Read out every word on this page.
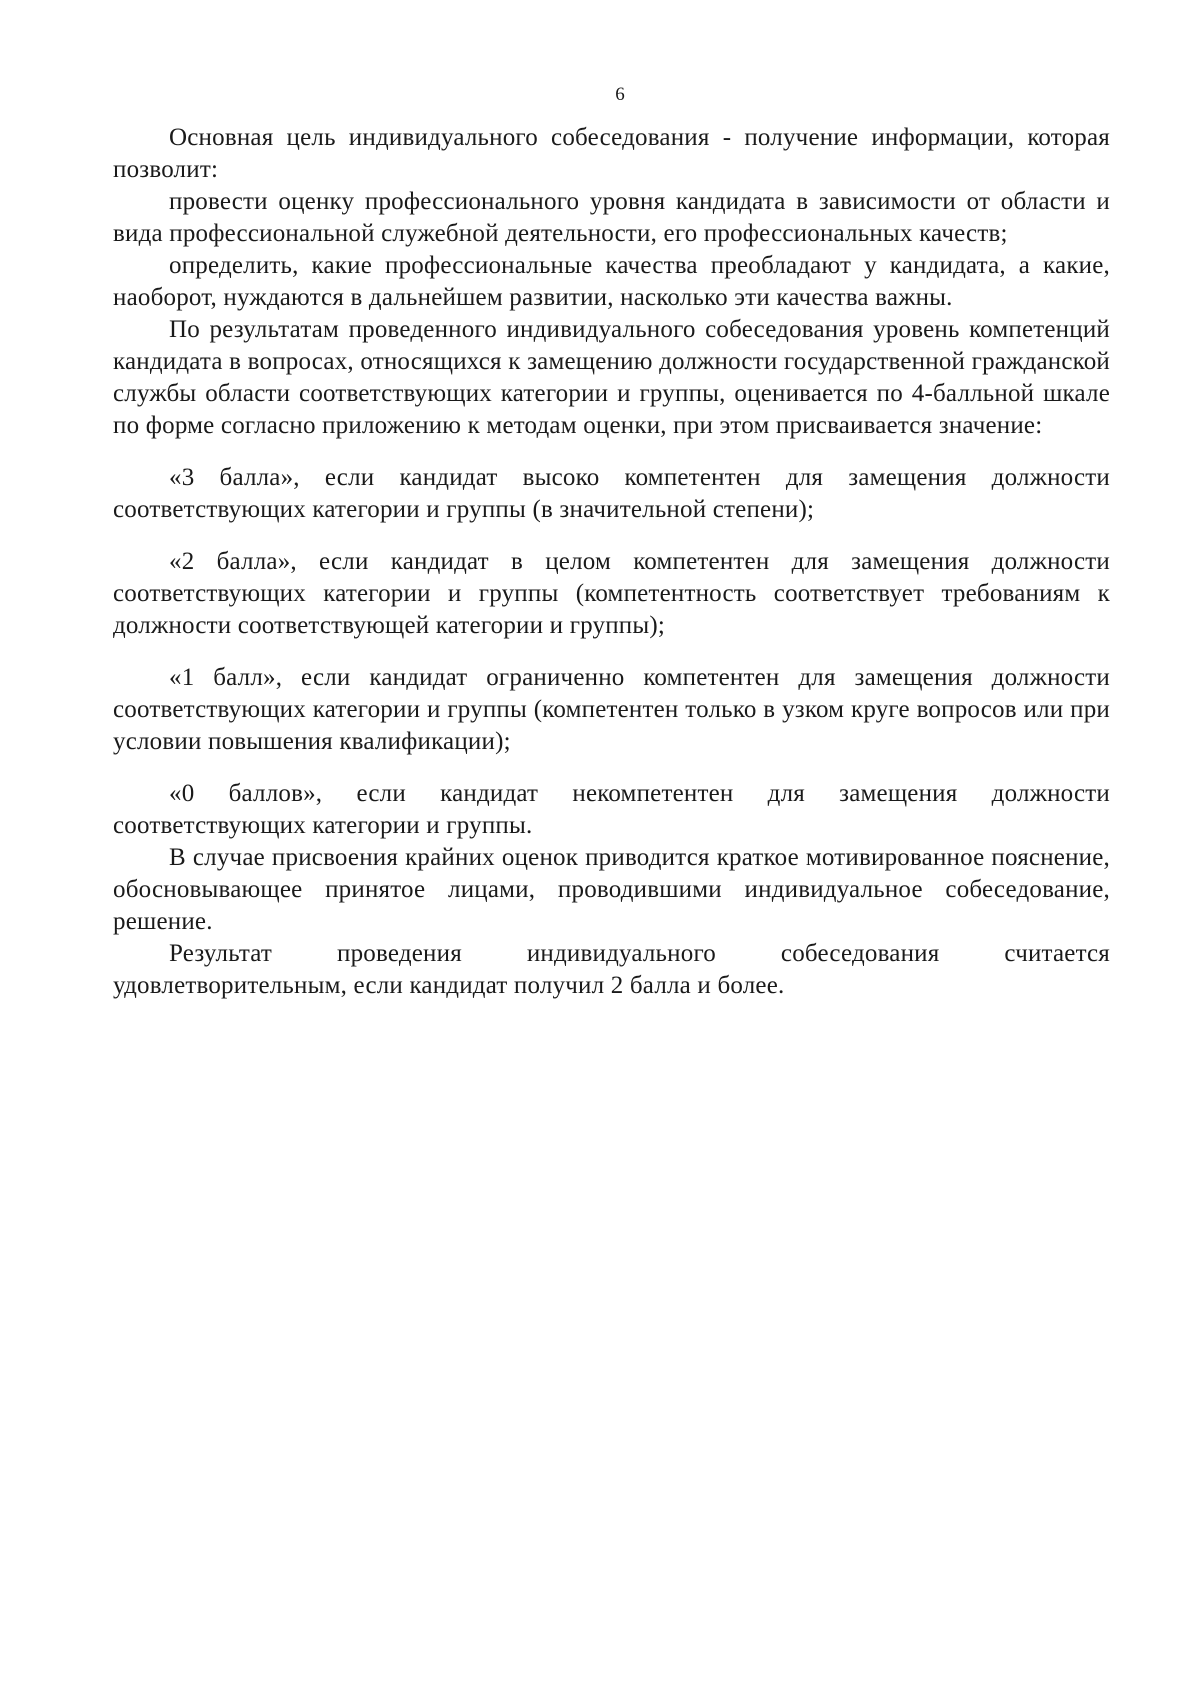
6

Основная цель индивидуального собеседования - получение информации, которая позволит:

провести оценку профессионального уровня кандидата в зависимости от области и вида профессиональной служебной деятельности, его профессиональных качеств;

определить, какие профессиональные качества преобладают у кандидата, а какие, наоборот, нуждаются в дальнейшем развитии, насколько эти качества важны.

По результатам проведенного индивидуального собеседования уровень компетенций кандидата в вопросах, относящихся к замещению должности государственной гражданской службы области соответствующих категории и группы, оценивается по 4-балльной шкале по форме согласно приложению к методам оценки, при этом присваивается значение:

«3 балла», если кандидат высоко компетентен для замещения должности соответствующих категории и группы (в значительной степени);

«2 балла», если кандидат в целом компетентен для замещения должности соответствующих категории и группы (компетентность соответствует требованиям к должности соответствующей категории и группы);

«1 балл», если кандидат ограниченно компетентен для замещения должности соответствующих категории и группы (компетентен только в узком круге вопросов или при условии повышения квалификации);

«0 баллов», если кандидат некомпетентен для замещения должности соответствующих категории и группы.

В случае присвоения крайних оценок приводится краткое мотивированное пояснение, обосновывающее принятое лицами, проводившими индивидуальное собеседование, решение.

Результат проведения индивидуального собеседования считается удовлетворительным, если кандидат получил 2 балла и более.
